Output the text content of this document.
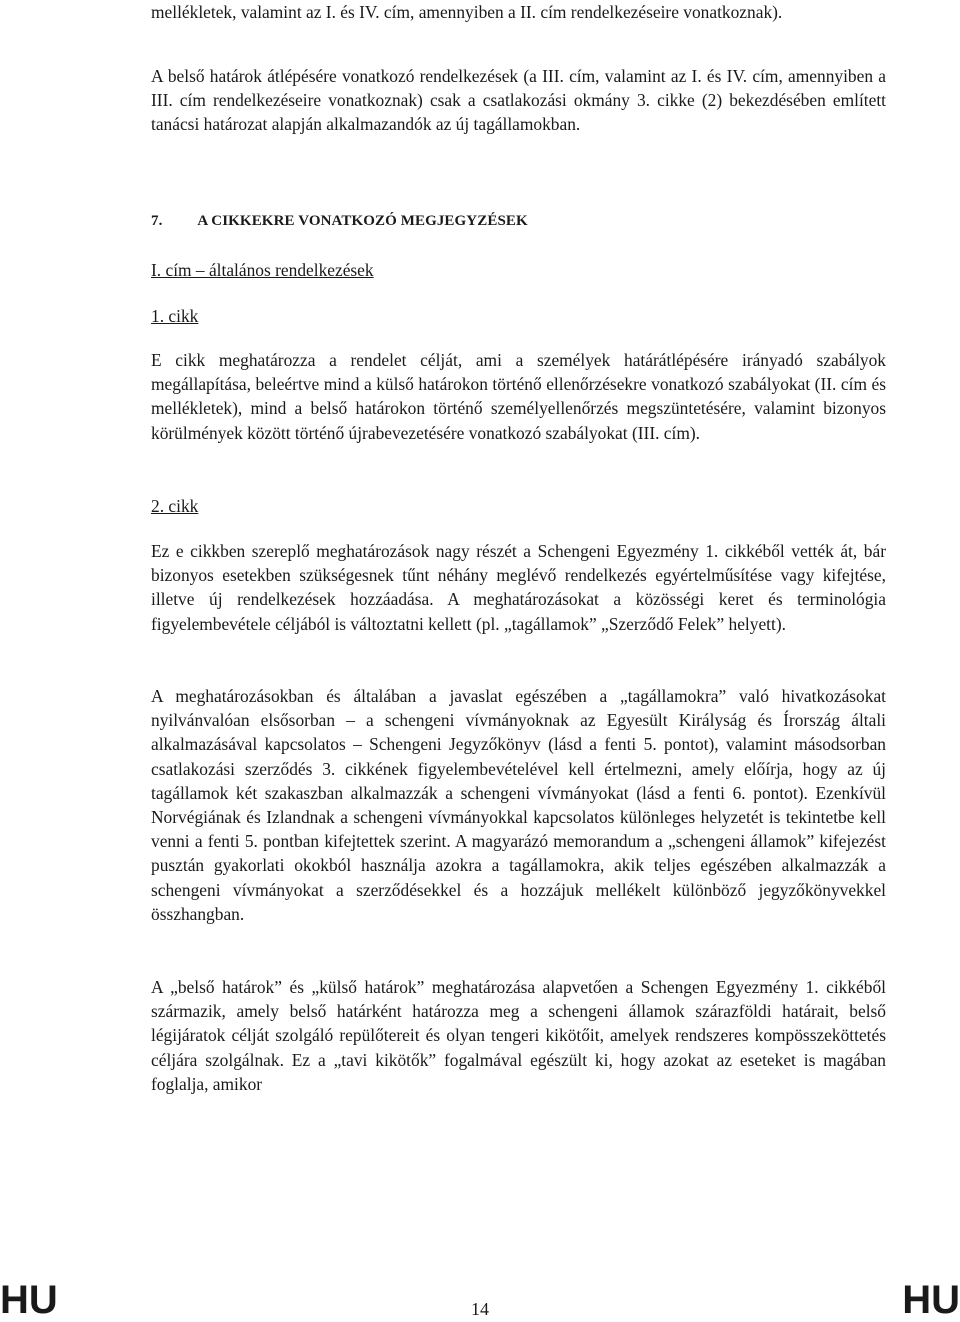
mellékletek, valamint az I. és IV. cím, amennyiben a II. cím rendelkezéseire vonatkoznak).

A belső határok átlépésére vonatkozó rendelkezések (a III. cím, valamint az I. és IV. cím, amennyiben a III. cím rendelkezéseire vonatkoznak) csak a csatlakozási okmány 3. cikke (2) bekezdésében említett tanácsi határozat alapján alkalmazandók az új tagállamokban.

7. A CIKKEKRE VONATKOZÓ MEGJEGYZÉSEK
I. cím – általános rendelkezések
1. cikk

E cikk meghatározza a rendelet célját, ami a személyek határátlépésére irányadó szabályok megállapítása, beleértve mind a külső határokon történő ellenőrzésekre vonatkozó szabályokat (II. cím és mellékletek), mind a belső határokon történő személyellenőrzés megszüntetésére, valamint bizonyos körülmények között történő újrabevezetésére vonatkozó szabályokat (III. cím).

2. cikk

Ez e cikkben szereplő meghatározások nagy részét a Schengeni Egyezmény 1. cikkéből vették át, bár bizonyos esetekben szükségesnek tűnt néhány meglévő rendelkezés egyértelműsítése vagy kifejtése, illetve új rendelkezések hozzáadása. A meghatározásokat a közösségi keret és terminológia figyelembevétele céljából is változtatni kellett (pl. „tagállamok” „Szerződő Felek” helyett).

A meghatározásokban és általában a javaslat egészében a „tagállamokra” való hivatkozásokat nyilvánvalóan elsősorban – a schengeni vívmányoknak az Egyesült Királyság és Írország általi alkalmazásával kapcsolatos – Schengeni Jegyzőkönyv (lásd a fenti 5. pontot), valamint másodsorban csatlakozási szerződés 3. cikkének figyelembevételével kell értelmezni, amely előírja, hogy az új tagállamok két szakaszban alkalmazzák a schengeni vívmányokat (lásd a fenti 6. pontot). Ezenkívül Norvégiának és Izlandnak a schengeni vívmányokkal kapcsolatos különleges helyzetét is tekintetbe kell venni a fenti 5. pontban kifejtettek szerint. A magyarázó memorandum a „schengeni államok” kifejezést pusztán gyakorlati okokból használja azokra a tagállamokra, akik teljes egészében alkalmazzák a schengeni vívmányokat a szerződésekkel és a hozzájuk mellékelt különböző jegyzőkönyvekkel összhangban.

A „belső határok” és „külső határok” meghatározása alapvetően a Schengen Egyezmény 1. cikkéből származik, amely belső határként határozza meg a schengeni államok szárazföldi határait, belső légijáratok célját szolgáló repülőtereit és olyan tengeri kikötőit, amelyek rendszeres kompösszeköttetés céljára szolgálnak. Ez a „tavi kikötők” fogalmával egészült ki, hogy azokat az eseteket is magában foglalja, amikor

HU	14	HU
